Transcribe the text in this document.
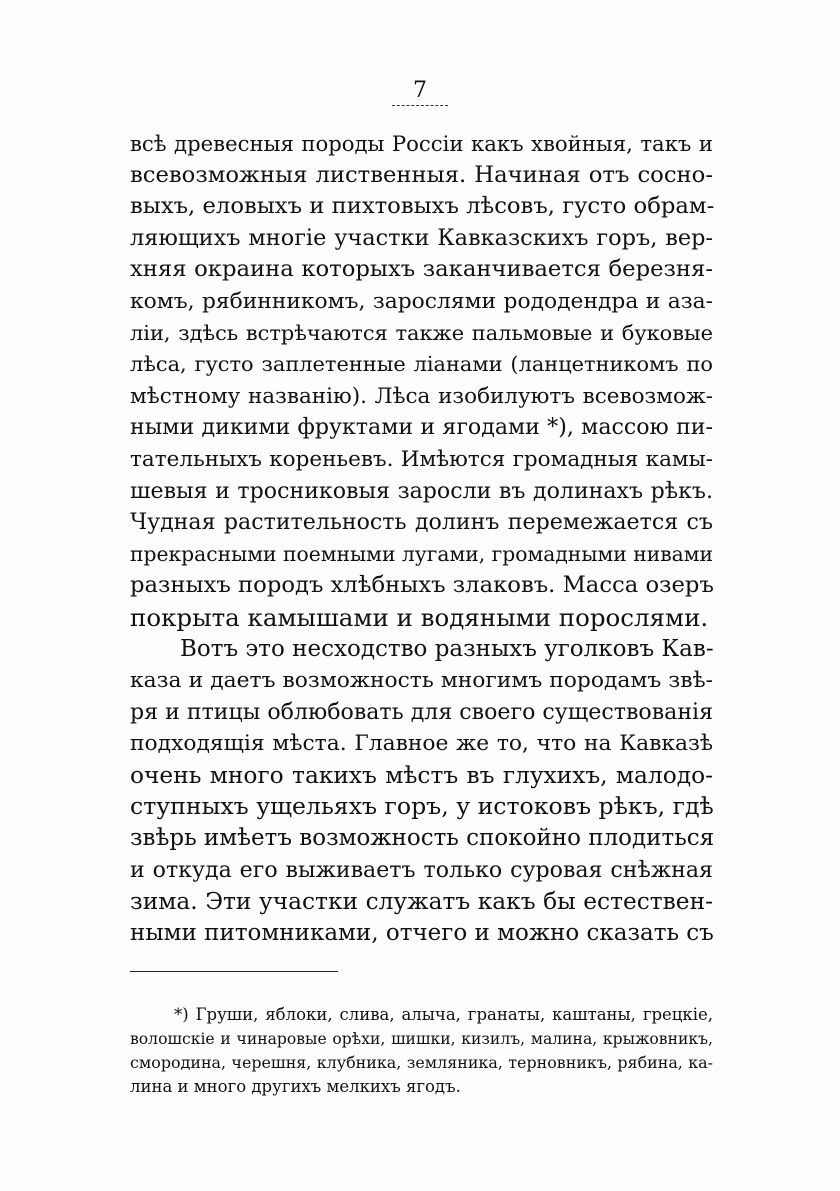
7
всѣ древесныя породы Россіи какъ хвойныя, такъ и
всевозможныя лиственныя. Начиная отъ сосно-
выхъ, еловыхъ и пихтовыхъ лѣсовъ, густо обрам-
ляющихъ многіе участки Кавказскихъ горъ, вер-
хняя окраина которыхъ заканчивается березня-
комъ, рябинникомъ, зарослями рододендра и аза-
ліи, здѣсь встрѣчаются также пальмовые и буковые
лѣса, густо заплетенные ліанами (ланцетникомъ по
мѣстному названію). Лѣса изобилуютъ всевозмож-
ными дикими фруктами и ягодами *), массою пи-
тательныхъ кореньевъ. Имѣются громадныя камы-
шевыя и тросниковыя заросли въ долинахъ рѣкъ.
Чудная растительность долинъ перемежается съ
прекрасными поемными лугами, громадными нивами
разныхъ породъ хлѣбныхъ злаковъ. Масса озеръ
покрыта камышами и водяными порослями.
Вотъ это несходство разныхъ уголковъ Кав-
каза и даетъ возможность многимъ породамъ звѣ-
ря и птицы облюбовать для своего существованія
подходящія мѣста. Главное же то, что на Кавказѣ
очень много такихъ мѣстъ въ глухихъ, малодо-
ступныхъ ущельяхъ горъ, у истоковъ рѣкъ, гдѣ
звѣрь имѣетъ возможность спокойно плодиться
и откуда его выживаетъ только суровая снѣжная
зима. Эти участки служатъ какъ бы естествен-
ными питомниками, отчего и можно сказать съ
*) Груши, яблоки, слива, алыча, гранаты, каштаны, грецкіе,
волошскіе и чинаровые орѣхи, шишки, кизилъ, малина, крыжовникъ,
смородина, черешня, клубника, земляника, терновникъ, рябина, ка-
лина и много другихъ мелкихъ ягодъ.
